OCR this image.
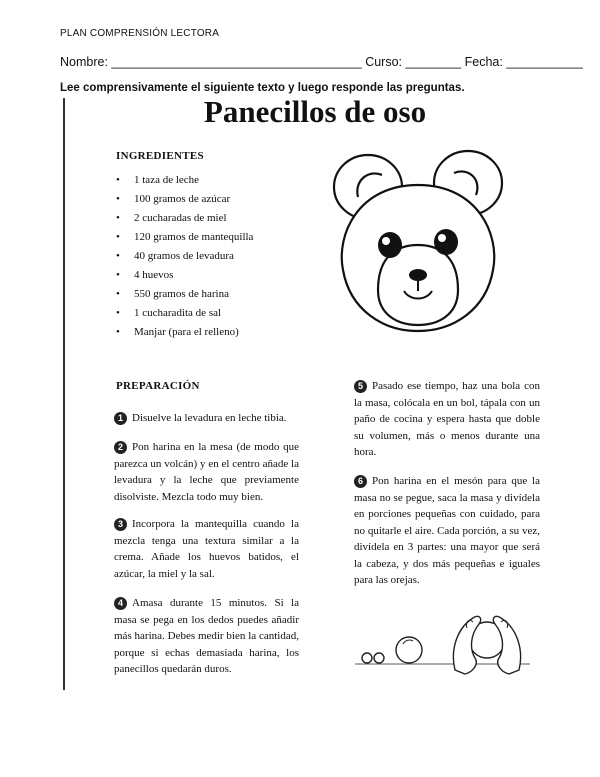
PLAN COMPRENSIÓN LECTORA
Nombre: ____________________________________ Curso: ________ Fecha: ___________
Lee comprensivamente el siguiente texto y luego responde las preguntas.
Panecillos de oso
INGREDIENTES
• 1 taza de leche
• 100 gramos de azúcar
• 2 cucharadas de miel
• 120 gramos de mantequilla
• 40 gramos de levadura
• 4 huevos
• 550 gramos de harina
• 1 cucharadita de sal
• Manjar (para el relleno)
PREPARACIÓN
1 Disuelve la levadura en leche tibia.
2 Pon harina en la mesa (de modo que parezca un volcán) y en el centro añade la levadura y la leche que previamente disolviste. Mezcla todo muy bien.
3 Incorpora la mantequilla cuando la mezcla tenga una textura similar a la crema. Añade los huevos batidos, el azúcar, la miel y la sal.
4 Amasa durante 15 minutos. Si la masa se pega en los dedos puedes añadir más harina. Debes medir bien la cantidad, porque si echas demasiada harina, los panecillos quedarán duros.
5 Pasado ese tiempo, haz una bola con la masa, colócala en un bol, tápala con un paño de cocina y espera hasta que doble su volumen, más o menos durante una hora.
6 Pon harina en el mesón para que la masa no se pegue, saca la masa y divídela en porciones pequeñas con cuidado, para no quitarle el aire. Cada porción, a su vez, divídela en 3 partes: una mayor que será la cabeza, y dos más pequeñas e iguales para las orejas.
